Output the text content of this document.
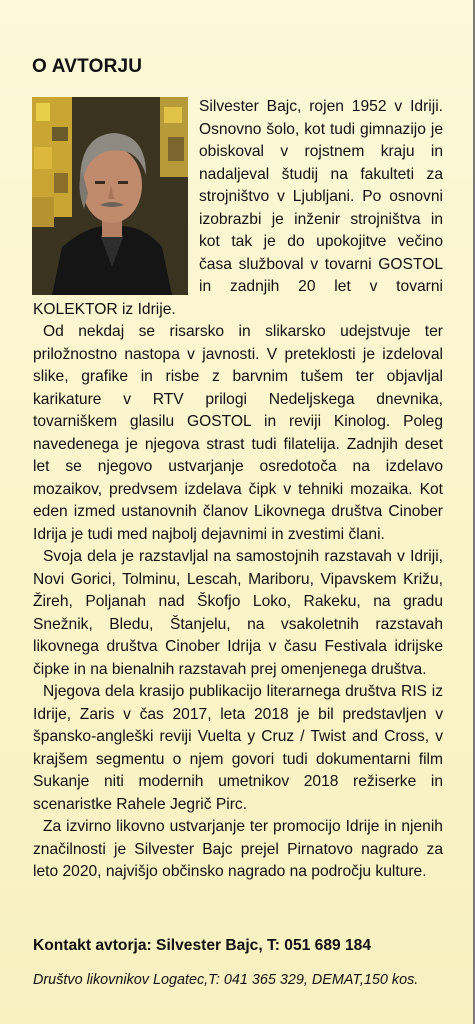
O AVTORJU

Silvester Bajc, rojen 1952 v Idriji. Osnovno šolo, kot tudi gimnazijo je obiskoval v rojstnem kraju in nadaljeval študij na fakulteti za strojništvo v Ljubljani. Po osnovni izobrazbi je inženir strojništva in kot tak je do upokojitve večino časa služboval v tovarni GOSTOL in zadnjih 20 let v tovarni KOLEKTOR iz Idrije.

Od nekdaj se risarsko in slikarsko udejstvuje ter priložnostno nastopa v javnosti. V preteklosti je izdeloval slike, grafike in risbe z barvnim tušem ter objavljal karikature v RTV prilogi Nedeljskega dnevnika, tovarniškem glasilu GOSTOL in reviji Kinolog. Poleg navedenega je njegova strast tudi filatelija. Zadnjih deset let se njegovo ustvarjanje osredotoča na izdelavo mozaikov, predvsem izdelava čipk v tehniki mozaika. Kot eden izmed ustanovnih članov Likovnega društva Cinober Idrija je tudi med najbolj dejavnimi in zvestimi člani.

Svoja dela je razstavljal na samostojnih razstavah v Idriji, Novi Gorici, Tolminu, Lescah, Mariboru, Vipavskem Križu, Žireh, Poljanah nad Škofjo Loko, Rakeku, na gradu Snežnik, Bledu, Štanjelu, na vsakoletnih razstavah likovnega društva Cinober Idrija v času Festivala idrijske čipke in na bienalnih razstavah prej omenjenega društva.

Njegova dela krasijo publikacijo literarnega društva RIS iz Idrije, Zaris v čas 2017, leta 2018 je bil predstavljen v špansko-angleški reviji Vuelta y Cruz / Twist and Cross, v krajšem segmentu o njem govori tudi dokumentarni film Sukanje niti modernih umetnikov 2018 režiserke in scenaristke Rahele Jegrič Pirc.

Za izvirno likovno ustvarjanje ter promocijo Idrije in njenih značilnosti je Silvester Bajc prejel Pirnatovo nagrado za leto 2020, najvišjo občinsko nagrado na področju kulture.

Kontakt avtorja: Silvester Bajc, T: 051 689 184
Društvo likovnikov Logatec,T: 041 365 329, DEMAT,150 kos.
